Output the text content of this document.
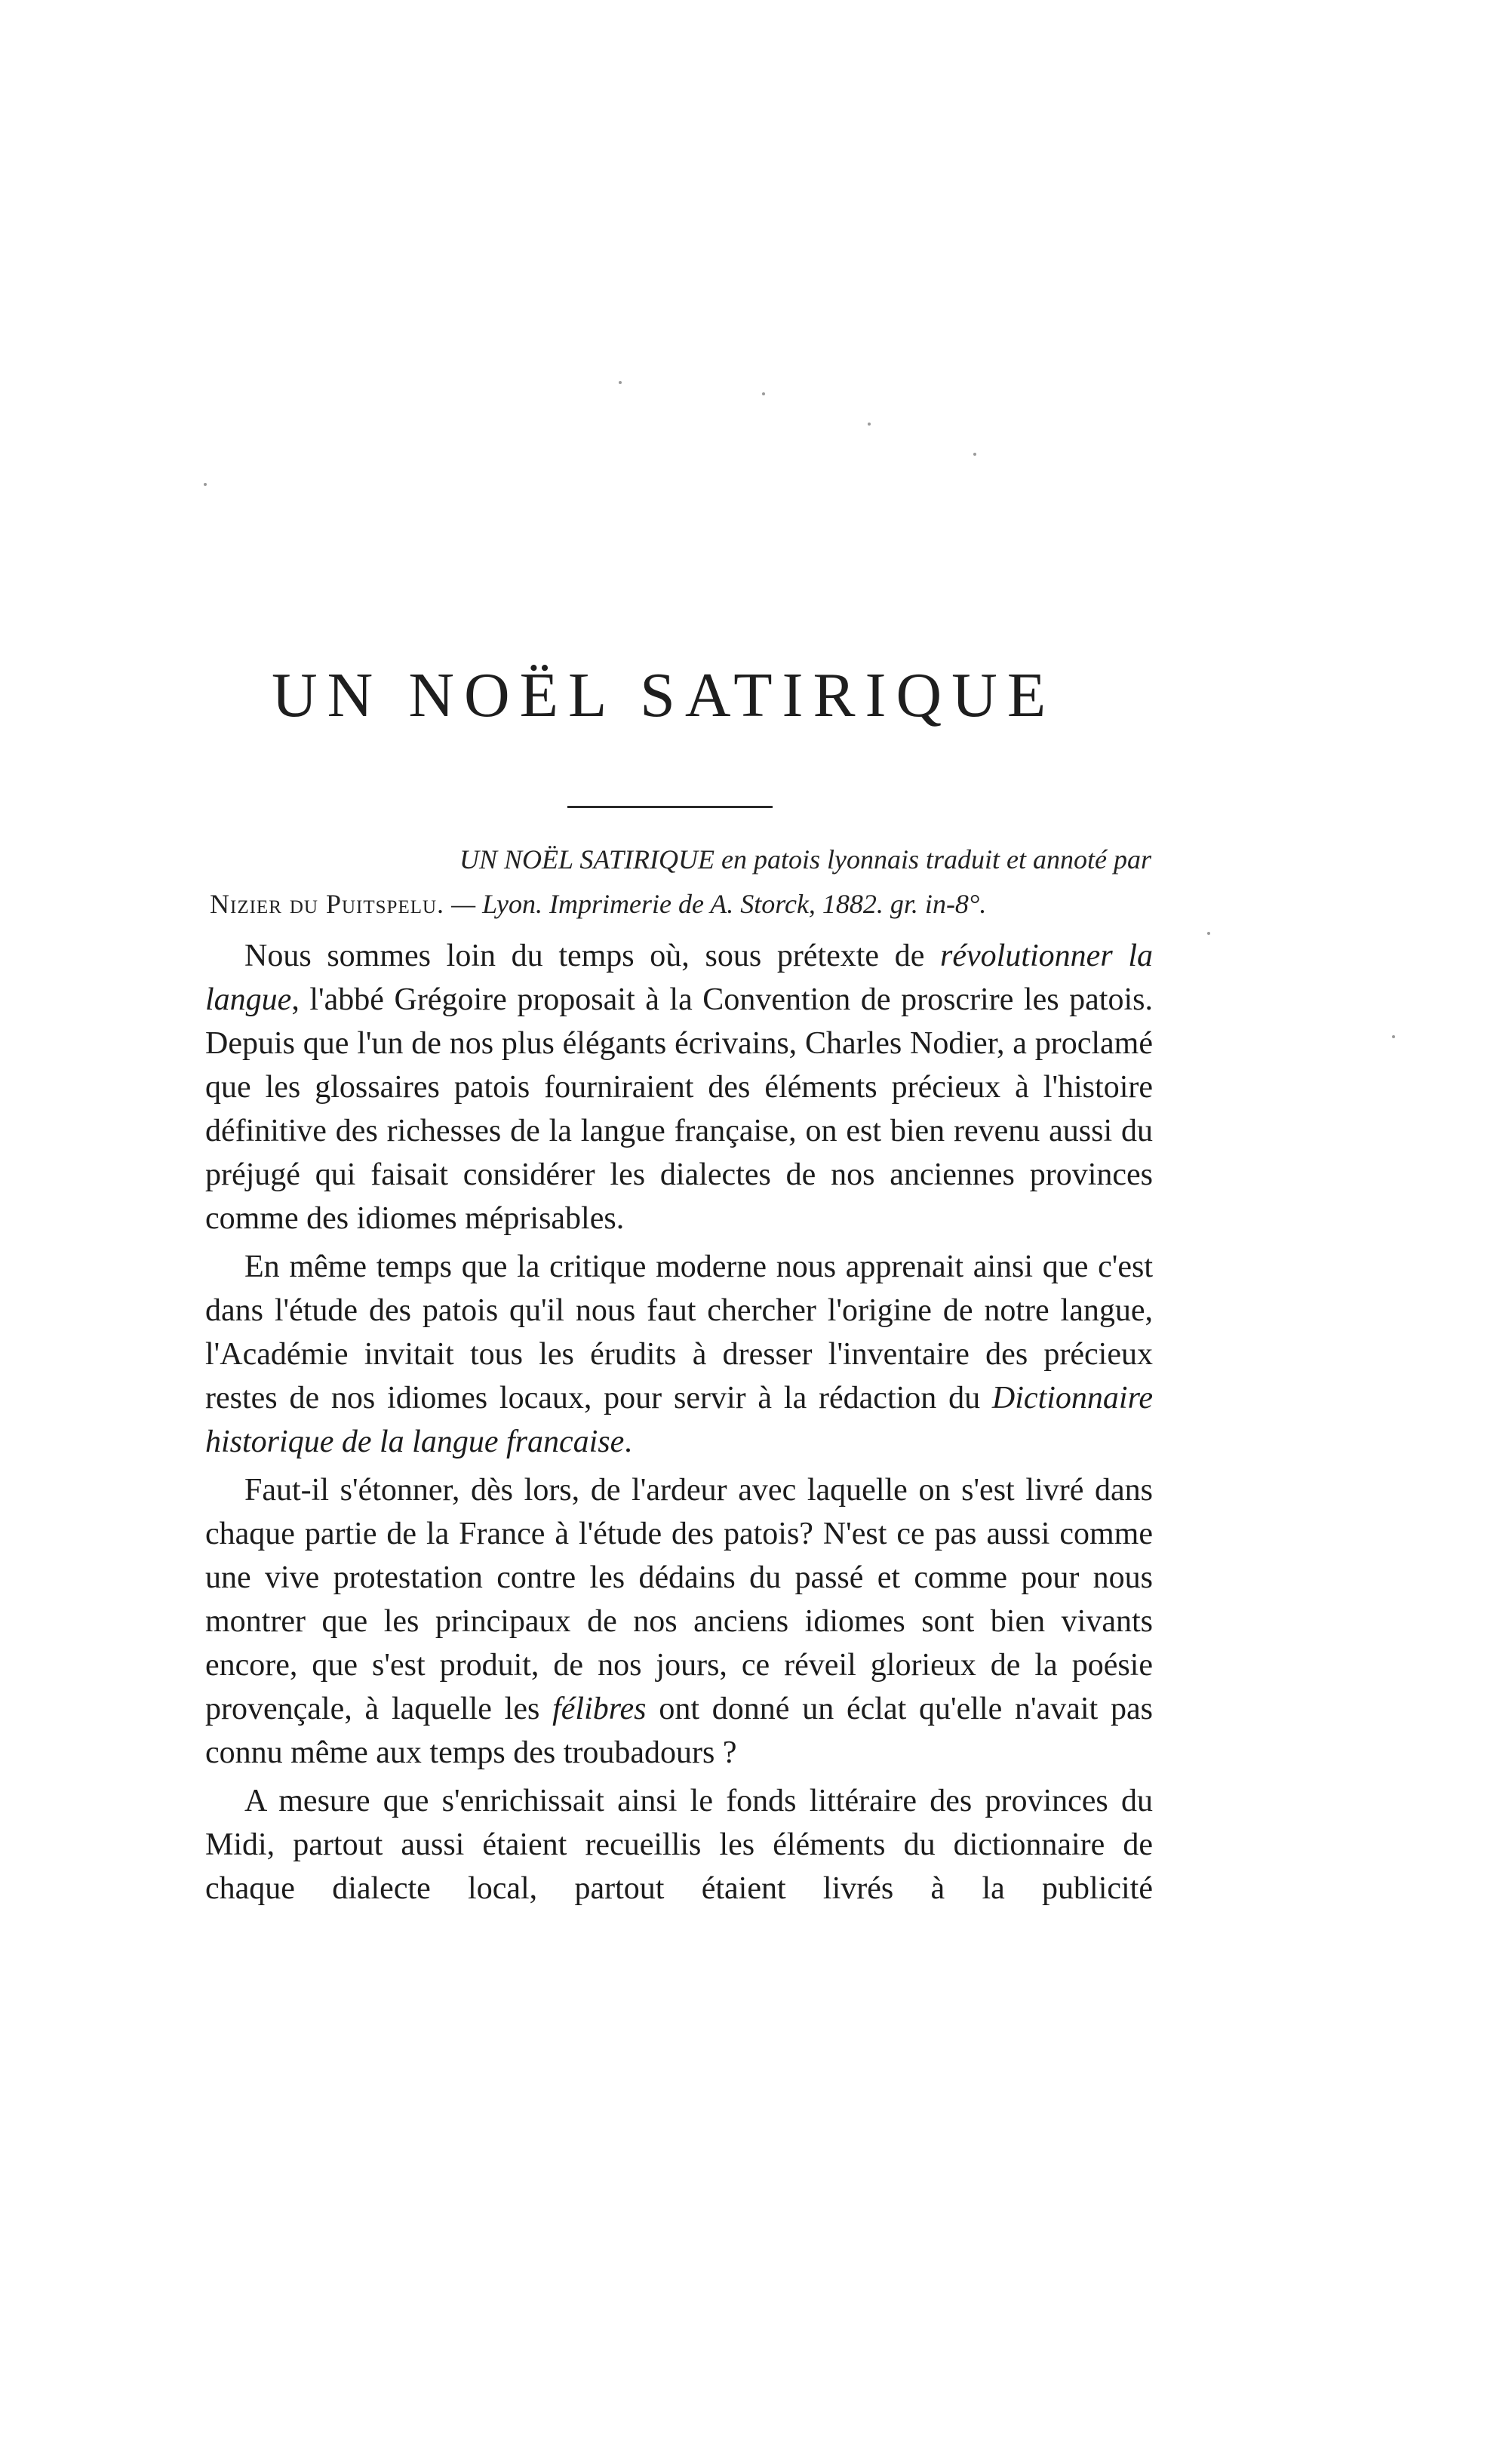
UN NOËL SATIRIQUE

UN NOËL SATIRIQUE en patois lyonnais traduit et annoté par
Nizier du Puitspelu. — Lyon. Imprimerie de A. Storck, 1882. gr. in-8°.

Nous sommes loin du temps où, sous prétexte de révolutionner la langue, l'abbé Grégoire proposait à la Convention de proscrire les patois. Depuis que l'un de nos plus élégants écrivains, Charles Nodier, a proclamé que les glossaires patois fourniraient des éléments précieux à l'histoire définitive des richesses de la langue française, on est bien revenu aussi du préjugé qui faisait considérer les dialectes de nos anciennes provinces comme des idiomes méprisables.

En même temps que la critique moderne nous apprenait ainsi que c'est dans l'étude des patois qu'il nous faut chercher l'origine de notre langue, l'Académie invitait tous les érudits à dresser l'inventaire des précieux restes de nos idiomes locaux, pour servir à la rédaction du Dictionnaire historique de la langue francaise.

Faut-il s'étonner, dès lors, de l'ardeur avec laquelle on s'est livré dans chaque partie de la France à l'étude des patois? N'est ce pas aussi comme une vive protestation contre les dédains du passé et comme pour nous montrer que les principaux de nos anciens idiomes sont bien vivants encore, que s'est produit, de nos jours, ce réveil glorieux de la poésie provençale, à laquelle les félibres ont donné un éclat qu'elle n'avait pas connu même aux temps des troubadours ?

A mesure que s'enrichissait ainsi le fonds littéraire des provinces du Midi, partout aussi étaient recueillis les éléments du dictionnaire de chaque dialecte local, partout étaient livrés à la publicité
